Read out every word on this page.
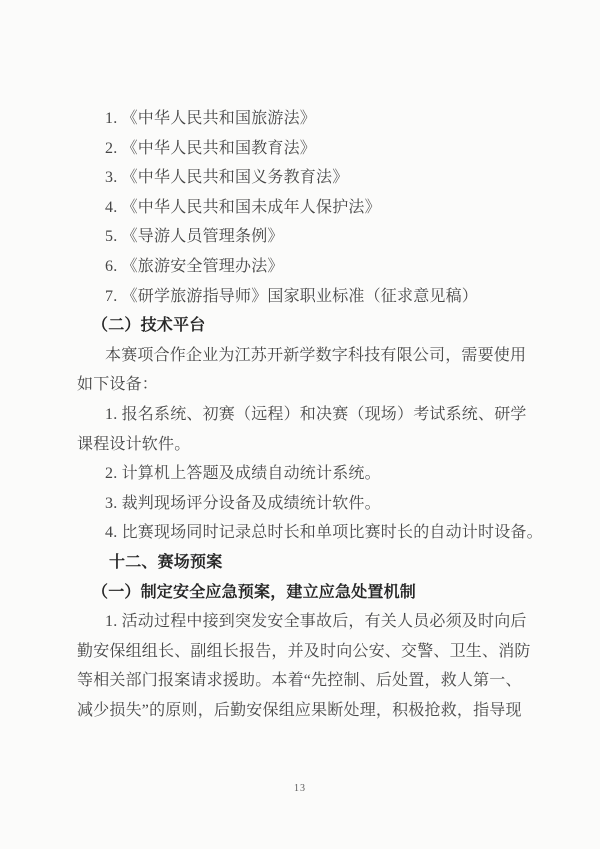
1. 《中华人民共和国旅游法》

2. 《中华人民共和国教育法》

3. 《中华人民共和国义务教育法》

4. 《中华人民共和国未成年人保护法》

5. 《导游人员管理条例》

6. 《旅游安全管理办法》

7. 《研学旅游指导师》国家职业标准（征求意见稿）

（二）技术平台

本赛项合作企业为江苏开新学数字科技有限公司，需要使用

如下设备：

1. 报名系统、初赛（远程）和决赛（现场）考试系统、研学

课程设计软件。

2. 计算机上答题及成绩自动统计系统。

3. 裁判现场评分设备及成绩统计软件。

4. 比赛现场同时记录总时长和单项比赛时长的自动计时设备。

十二、赛场预案

（一）制定安全应急预案，建立应急处置机制

1. 活动过程中接到突发安全事故后，有关人员必须及时向后

勤安保组组长、副组长报告，并及时向公安、交警、卫生、消防

等相关部门报案请求援助。本着“先控制、后处置，救人第一、

减少损失”的原则，后勤安保组应果断处理，积极抢救，指导现

13
